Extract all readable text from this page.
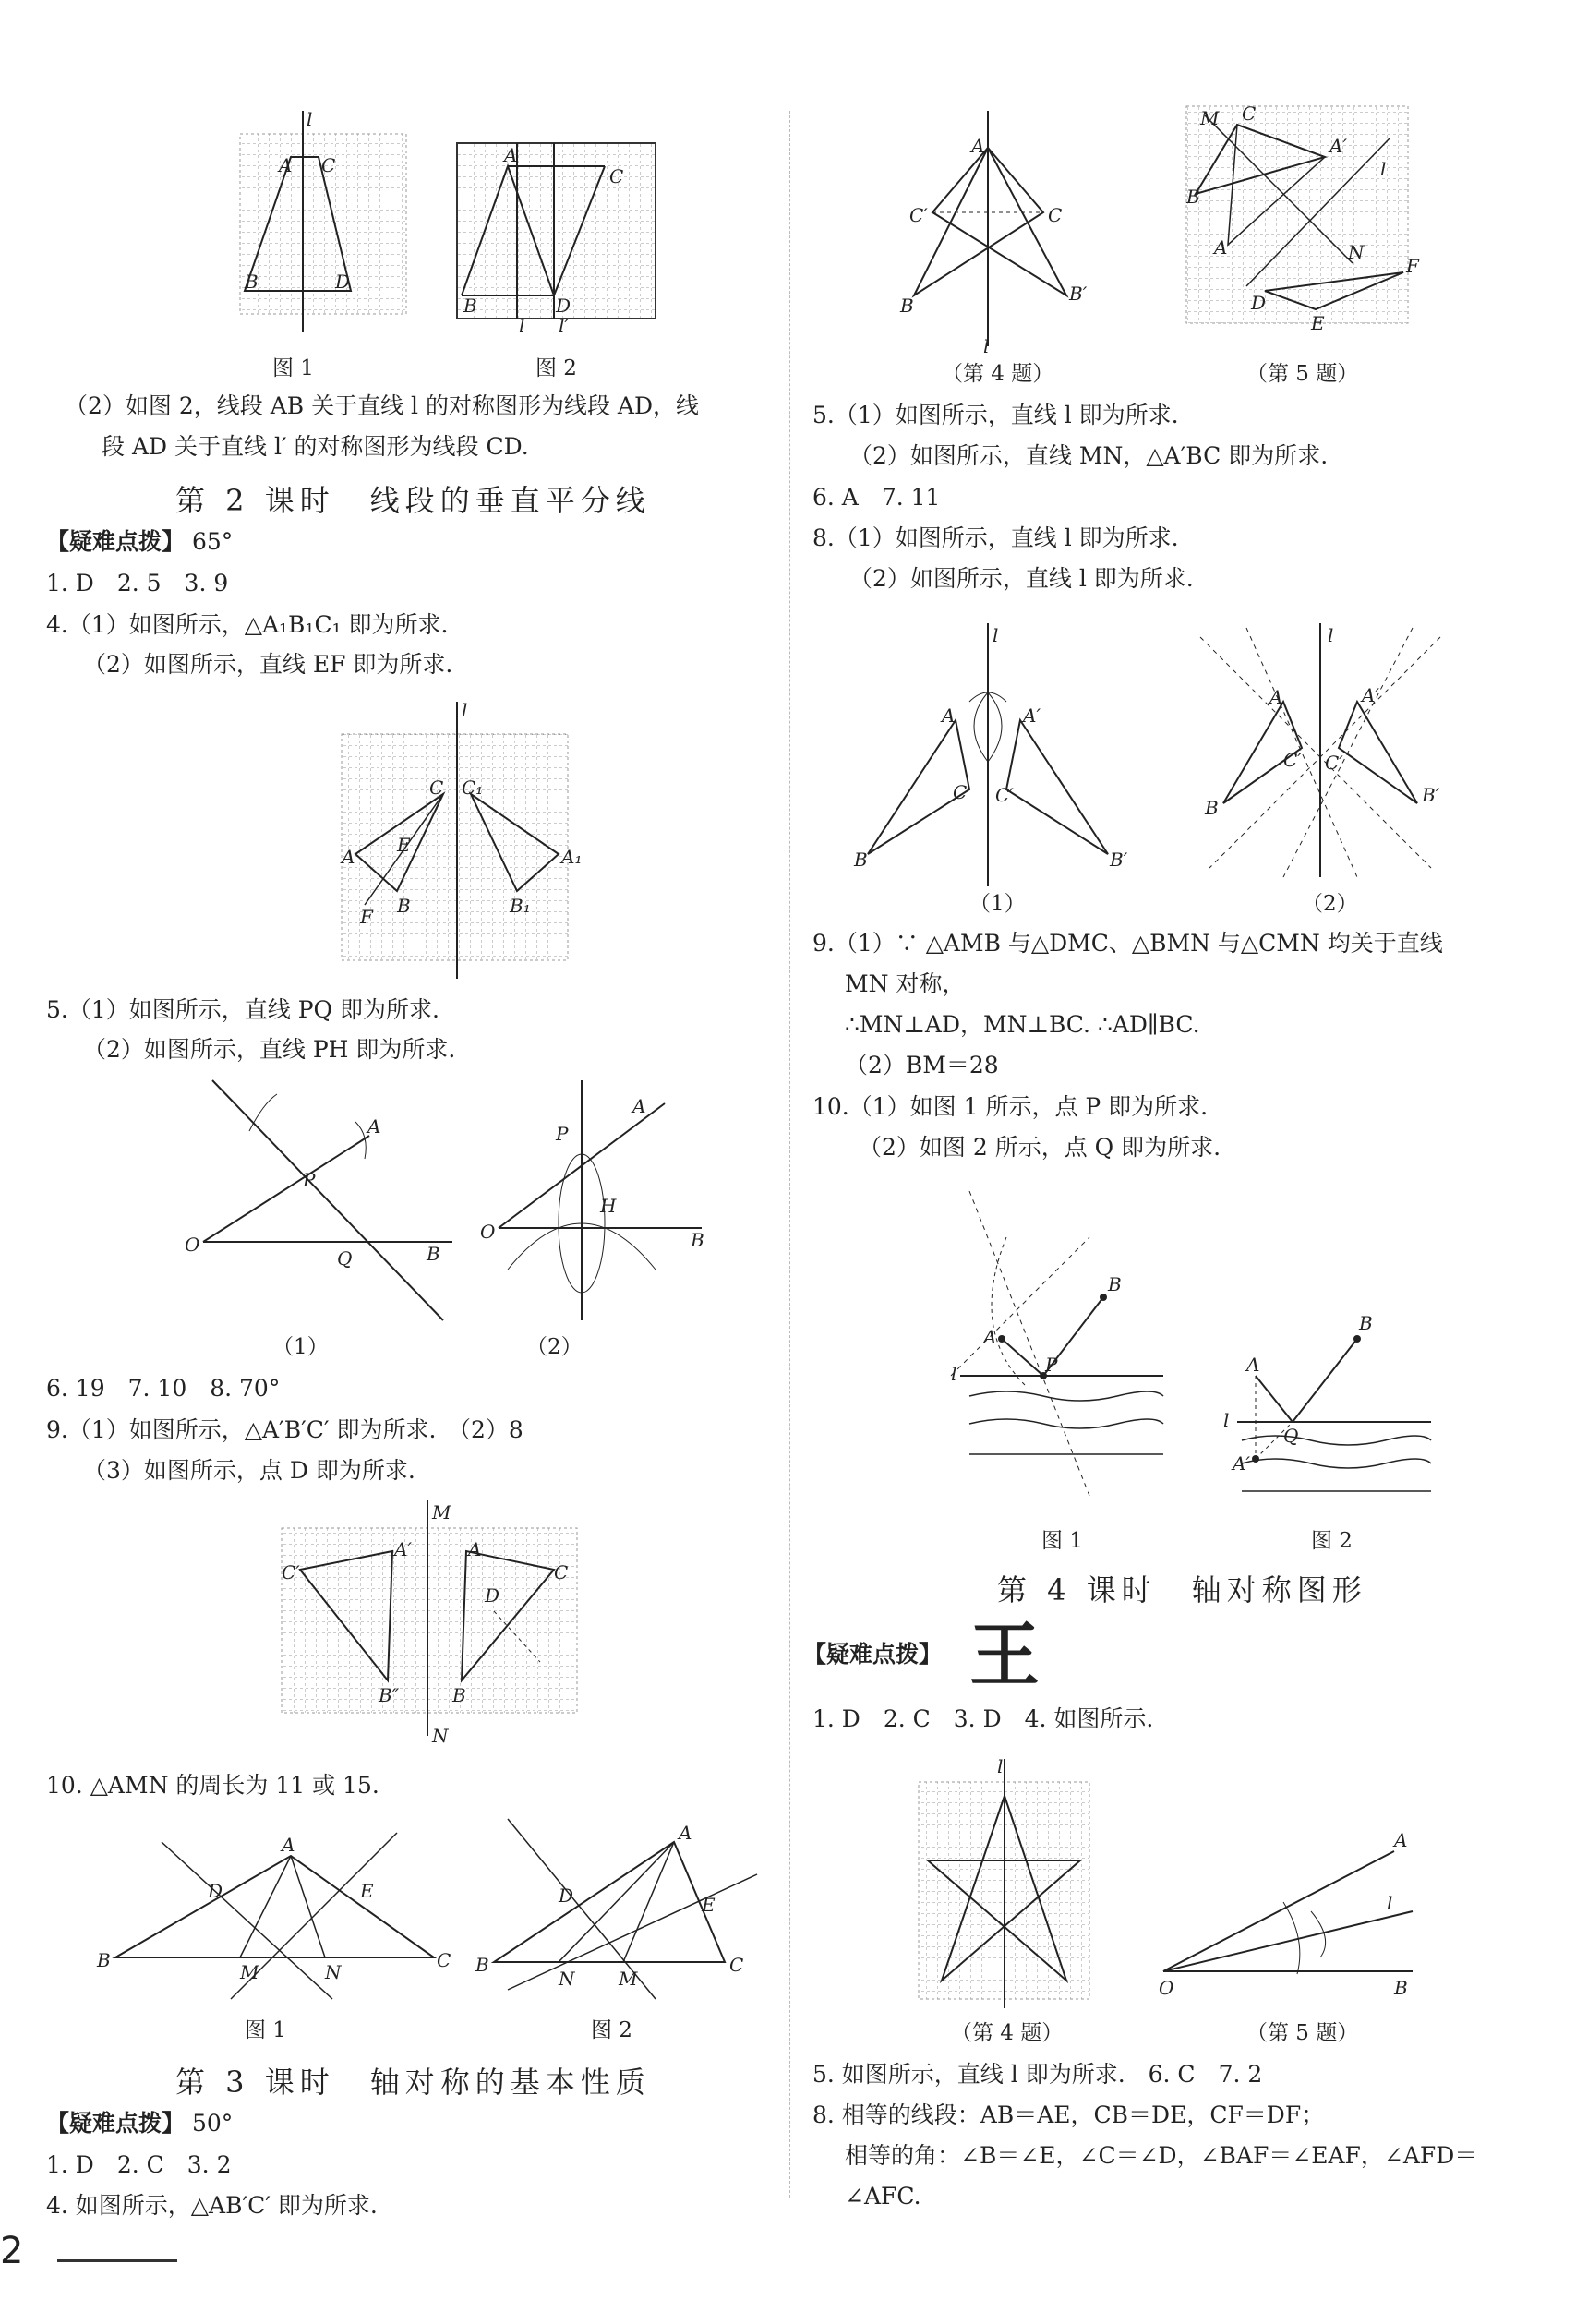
l
A C
B	D
A
C
B	D
l l′
图 1	图 2
（2）如图 2，线段 AB 关于直线 l 的对称图形为线段 AD，线
段 AD 关于直线 l′ 的对称图形为线段 CD.
第 2 课时　线段的垂直平分线
【疑难点拨】 65°
1. D　2. 5　3. 9
4.（1）如图所示，△A₁B₁C₁ 即为所求.
（2）如图所示，直线 EF 即为所求.
l
C C₁
A	A₁
E
F B	B₁
5.（1）如图所示，直线 PQ 即为所求.
（2）如图所示，直线 PH 即为所求.
O
Q	B
P
A
O	B
A
P
H
（1）	（2）
6. 19　7. 10　8. 70°
9.（1）如图所示，△A′B′C′ 即为所求.　（2）8
（3）如图所示，点 D 即为所求.
M
N
C′
A′
B″
A
C
D
B
10. △AMN 的周长为 11 或 15.
A
B	C
D	E
M	N
A
B	C
D	E
N M
图 1	图 2
第 3 课时　轴对称的基本性质
【疑难点拨】 50°
1. D　2. C　3. 2
4. 如图所示，△AB′C′ 即为所求.
A
l
C′	C
B
B′
M C
A′
B
l
A	N
D
E
F
（第 4 题）	（第 5 题）
5.（1）如图所示，直线 l 即为所求.
（2）如图所示，直线 MN，△A′BC 即为所求.
6. A　7. 11
8.（1）如图所示，直线 l 即为所求.
（2）如图所示，直线 l 即为所求.
l
A	A′
B	B′
C C′
l
A	A′
B
B′
C′ C′
（1）	（2）
9.（1）∵ △AMB 与△DMC、△BMN 与△CMN 均关于直线
MN 对称，
∴MN⊥AD，MN⊥BC. ∴AD∥BC.
（2）BM＝28
10.（1）如图 1 所示，点 P 即为所求.
（2）如图 2 所示，点 Q 即为所求.
A
B
P
l	A
B
Q
A′
l
图 1	图 2
第 4 课时　轴对称图形
【疑难点拨】 王
1. D　2. C　3. D　4. 如图所示.
l
O	B
A
l
（第 4 题）	（第 5 题）
5. 如图所示，直线 l 即为所求.　6. C　7. 2
8. 相等的线段：AB＝AE，CB＝DE，CF＝DF；
相等的角：∠B＝∠E，∠C＝∠D，∠BAF＝∠EAF，∠AFD＝
∠AFC.
2
